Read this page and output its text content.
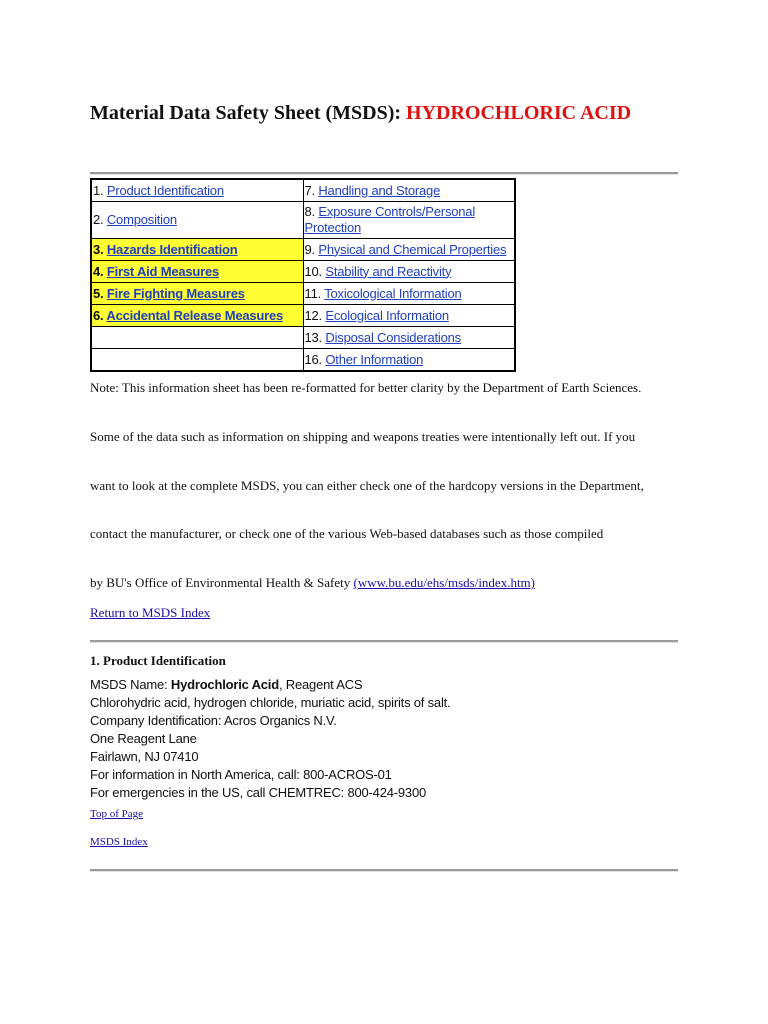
Material Data Safety Sheet (MSDS): HYDROCHLORIC ACID
1. Product Identification	7. Handling and Storage
2. Composition	8. Exposure Controls/Personal Protection
3. Hazards Identification	9. Physical and Chemical Properties
4. First Aid Measures	10. Stability and Reactivity
5. Fire Fighting Measures	11. Toxicological Information
6. Accidental Release Measures	12. Ecological Information
	13. Disposal Considerations
	16. Other Information

Note: This information sheet has been re-formatted for better clarity by the Department of Earth Sciences.

Some of the data such as information on shipping and weapons treaties were intentionally left out. If you

want to look at the complete MSDS, you can either check one of the hardcopy versions in the Department,

contact the manufacturer, or check one of the various Web-based databases such as those compiled

by BU's Office of Environmental Health & Safety (www.bu.edu/ehs/msds/index.htm)

Return to MSDS Index

1. Product Identification

MSDS Name: Hydrochloric Acid, Reagent ACS
Chlorohydric acid, hydrogen chloride, muriatic acid, spirits of salt.
Company Identification: Acros Organics N.V.
One Reagent Lane
Fairlawn, NJ 07410
For information in North America, call: 800-ACROS-01
For emergencies in the US, call CHEMTREC: 800-424-9300
Top of Page
MSDS Index
